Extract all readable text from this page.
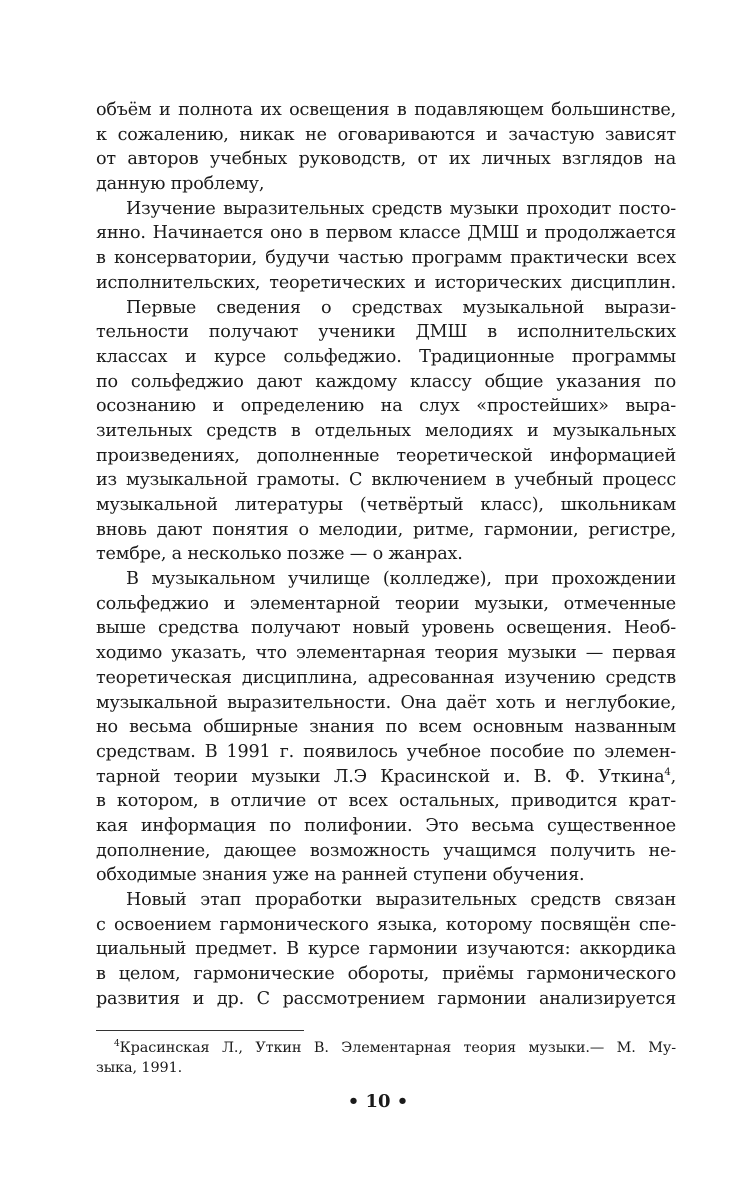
объём и полнота их освещения в подавляющем большинстве,
к сожалению, никак не оговариваются и зачастую зависят
от авторов учебных руководств, от их личных взглядов на
данную проблему,
Изучение выразительных средств музыки проходит посто-
янно. Начинается оно в первом классе ДМШ и продолжается
в консерватории, будучи частью программ практически всех
исполнительских, теоретических и исторических дисциплин.
Первые сведения о средствах музыкальной вырази-
тельности получают ученики ДМШ в исполнительских
классах и курсе сольфеджио. Традиционные программы
по сольфеджио дают каждому классу общие указания по
осознанию и определению на слух «простейших» выра-
зительных средств в отдельных мелодиях и музыкальных
произведениях, дополненные теоретической информацией
из музыкальной грамоты. С включением в учебный процесс
музыкальной литературы (четвёртый класс), школьникам
вновь дают понятия о мелодии, ритме, гармонии, регистре,
тембре, а несколько позже — о жанрах.
В музыкальном училище (колледже), при прохождении
сольфеджио и элементарной теории музыки, отмеченные
выше средства получают новый уровень освещения. Необ-
ходимо указать, что элементарная теория музыки — первая
теоретическая дисциплина, адресованная изучению средств
музыкальной выразительности. Она даёт хоть и неглубокие,
но весьма обширные знания по всем основным названным
средствам. В 1991 г. появилось учебное пособие по элемен-
тарной теории музыки Л.Э Красинской и. В. Ф. Уткина$^4$,
в котором, в отличие от всех остальных, приводится крат-
кая информация по полифонии. Это весьма существенное
дополнение, дающее возможность учащимся получить не-
обходимые знания уже на ранней ступени обучения.
Новый этап проработки выразительных средств связан
с освоением гармонического языка, которому посвящён спе-
циальный предмет. В курсе гармонии изучаются: аккордика
в целом, гармонические обороты, приёмы гармонического
развития и др. С рассмотрением гармонии анализируется
$^4$Красинская Л., Уткин В. Элементарная теория музыки.— М. Му-
зыка, 1991.
• 10 •
